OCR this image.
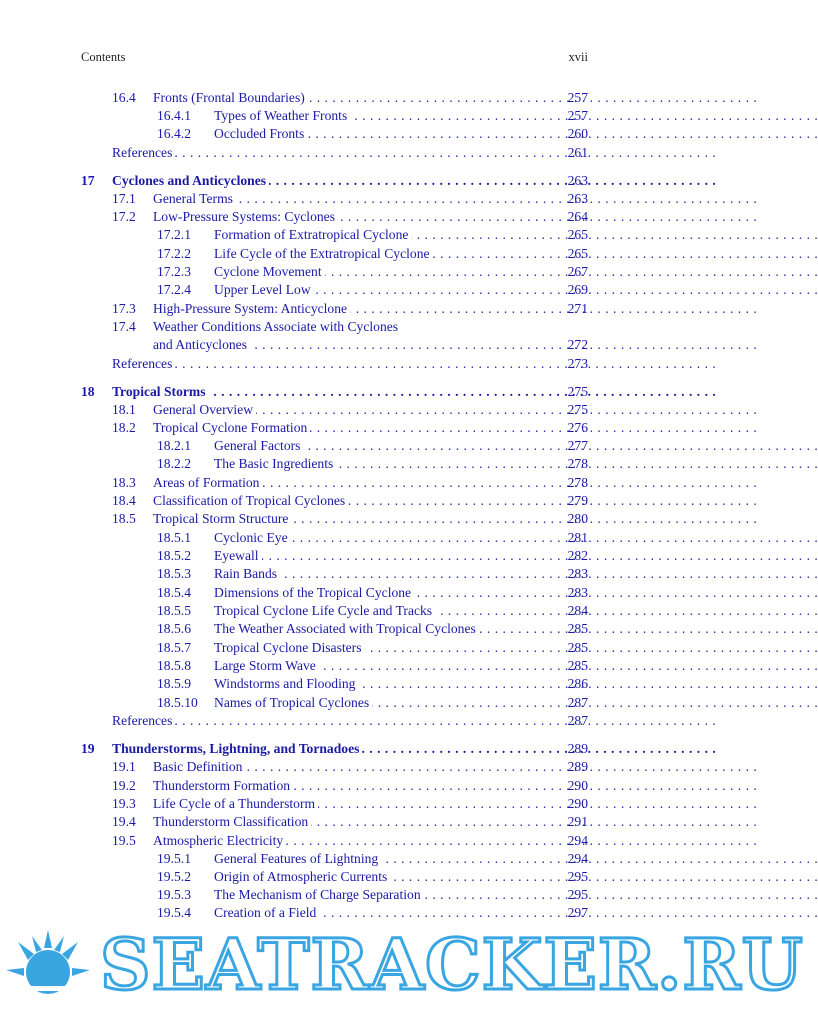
Contents	xvii
16.4 Fronts (Frontal Boundaries) . . .	257
16.4.1 Types of Weather Fronts . . .	257
16.4.2 Occluded Fronts . . .	260
References . . .	261
17 Cyclones and Anticyclones . . .	263
17.1 General Terms . . .	263
17.2 Low-Pressure Systems: Cyclones . . .	264
17.2.1 Formation of Extratropical Cyclone . . .	265
17.2.2 Life Cycle of the Extratropical Cyclone . . .	265
17.2.3 Cyclone Movement . . .	267
17.2.4 Upper Level Low . . .	269
17.3 High-Pressure System: Anticyclone . . .	271
17.4 Weather Conditions Associate with Cyclones
and Anticyclones . . .	272
References . . .	273
18 Tropical Storms . . .	275
18.1 General Overview . . .	275
18.2 Tropical Cyclone Formation . . .	276
18.2.1 General Factors . . .	277
18.2.2 The Basic Ingredients . . .	278
18.3 Areas of Formation . . .	278
18.4 Classification of Tropical Cyclones . . .	279
18.5 Tropical Storm Structure . . .	280
18.5.1 Cyclonic Eye . . .	281
18.5.2 Eyewall . . .	282
18.5.3 Rain Bands . . .	283
18.5.4 Dimensions of the Tropical Cyclone . . .	283
18.5.5 Tropical Cyclone Life Cycle and Tracks . . .	284
18.5.6 The Weather Associated with Tropical Cyclones . . .	285
18.5.7 Tropical Cyclone Disasters . . .	285
18.5.8 Large Storm Wave . . .	285
18.5.9 Windstorms and Flooding . . .	286
18.5.10 Names of Tropical Cyclones . . .	287
References . . .	287
19 Thunderstorms, Lightning, and Tornadoes . . .	289
19.1 Basic Definition . . .	289
19.2 Thunderstorm Formation . . .	290
19.3 Life Cycle of a Thunderstorm . . .	290
19.4 Thunderstorm Classification . . .	291
19.5 Atmospheric Electricity . . .	294
19.5.1 General Features of Lightning . . .	294
19.5.2 Origin of Atmospheric Currents . . .	295
19.5.3 The Mechanism of Charge Separation . . .	295
19.5.4 Creation of a Field . . .	297
SEATRACKER.RU
